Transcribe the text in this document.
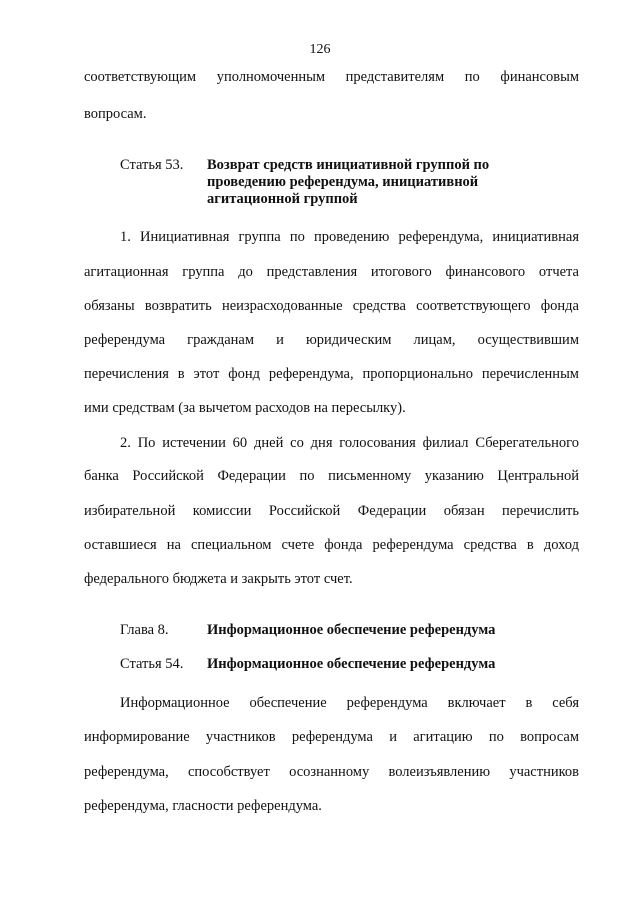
126
соответствующим уполномоченным представителям по финансовым
вопросам.
Статья 53.	Возврат средств инициативной группой по
проведению референдума, инициативной
агитационной группой
1. Инициативная группа по проведению референдума, инициативная
агитационная группа до представления итогового финансового отчета
обязаны возвратить неизрасходованные средства соответствующего фонда
референдума гражданам и юридическим лицам, осуществившим
перечисления в этот фонд референдума, пропорционально перечисленным
ими средствам (за вычетом расходов на пересылку).
2. По истечении 60 дней со дня голосования филиал Сберегательного
банка Российской Федерации по письменному указанию Центральной
избирательной комиссии Российской Федерации обязан перечислить
оставшиеся на специальном счете фонда референдума средства в доход
федерального бюджета и закрыть этот счет.
Глава 8.	Информационное обеспечение референдума
Статья 54.	Информационное обеспечение референдума
Информационное обеспечение референдума включает в себя
информирование участников референдума и агитацию по вопросам
референдума, способствует осознанному волеизъявлению участников
референдума, гласности референдума.
